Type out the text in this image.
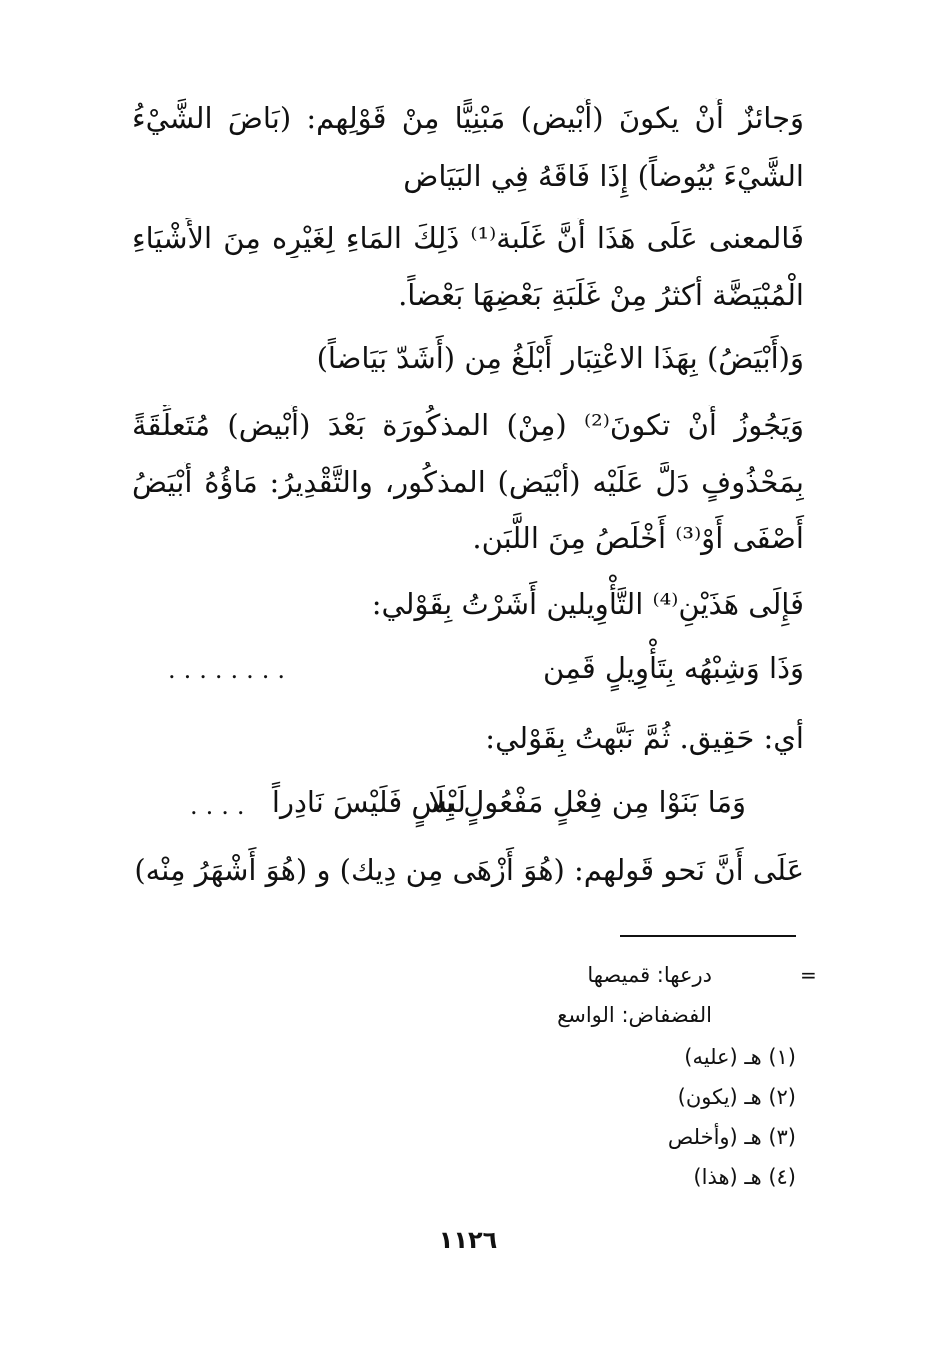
وَجائزٌ أَنْ يكونَ (أَبْيض) مَبْنِيًّا مِنْ قَوْلِهم: (بَاضَ الشَّيْءُ
الشَّيْءَ بُيُوضاً) إِذَا فَاقَهُ فِي البَيَاض
فَالمعنى عَلَى هَذَا أَنَّ غَلَبة⁽¹⁾ ذَلِكَ المَاءِ لِغَيْرِه مِنَ الأَشْيَاءِ
الْمُبْيَضَّة أكثرُ مِنْ غَلَبَةِ بَعْضِهَا بَعْضاً.
وَ(أَبْيَضُ) بِهَذَا الاعْتِبَار أَبْلَغُ مِن (أَشَدّ بَيَاضاً)
وَيَجُوزُ أَنْ تكونَ⁽²⁾ (مِنْ) المذكُورَة بَعْدَ (أَبْيض) مُتَعلِّقَةً
بِمَحْذُوفٍ دَلَّ عَلَيْه (أَبْيَض) المذكُور، والتَّقْدِيرُ: مَاؤُهُ أَبْيَضُ
أَصْفَى أَوْ⁽³⁾ أَخْلَصُ مِنَ اللَّبَن.
فَإِلَى هَذَيْنِ⁽⁴⁾ التَّأْوِيلين أَشَرْتُ بِقَوْلي:
وَذَا وَشِبْهُه بِتَأْوِيلٍ قَمِن
........
أي: حَقِيق. ثُمَّ نَبَّهتُ بِقَوْلي:
وَمَا بَنَوْا مِن فِعْلٍ مَفْعُولٍ بِلَا
لَبْسٍ فَلَيْسَ نَادِراً
....
عَلَى أَنَّ نَحو قَولهم: (هُوَ أَزْهَى مِن دِيك) و (هُوَ أَشْهَرُ مِنْه)
=
درعها: قميصها
الفضفاض: الواسع
(١) هـ (عليه)
(٢) هـ (يكون)
(٣) هـ (وأخلص
(٤) هـ (هذا)
١١٢٦
